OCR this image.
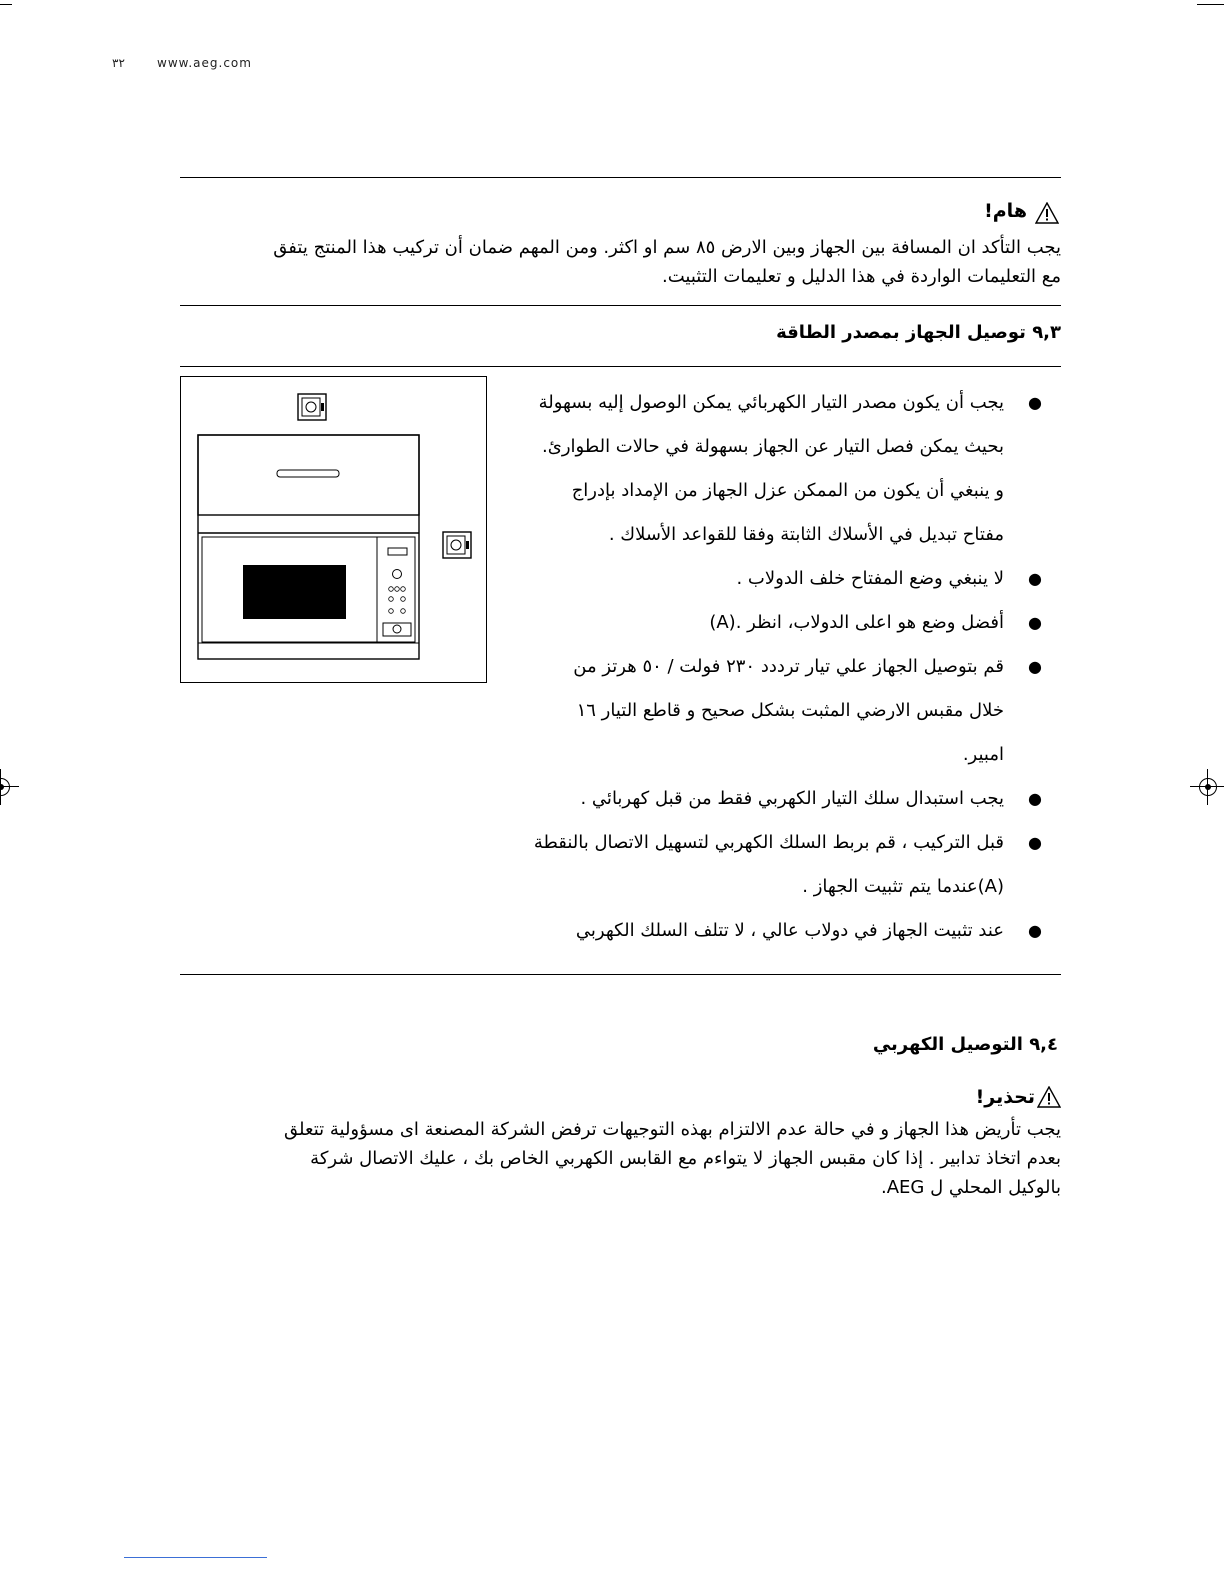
٣٢	www.aeg.com
هام!
يجب التأكد ان المسافة بين الجهاز وبين الارض ٨٥ سم او اكثر. ومن المهم ضمان أن تركيب هذا المنتج يتفق
مع التعليمات الواردة في هذا الدليل و تعليمات التثبيت.
٩,٣ توصيل الجهاز بمصدر الطاقة
●
يجب أن يكون مصدر التيار الكهربائي يمكن الوصول إليه بسهولة
بحيث يمكن فصل التيار عن الجهاز بسهولة في حالات الطوارئ.
و ينبغي أن يكون من الممكن عزل الجهاز من الإمداد بإدراج
مفتاح تبديل في الأسلاك الثابتة وفقا للقواعد الأسلاك .
●
لا ينبغي وضع المفتاح خلف الدولاب .
●
أفضل وضع هو اعلى الدولاب، انظر .(A)
●
قم بتوصيل الجهاز علي تيار ترددد ٢٣٠ فولت / ٥٠ هرتز من
خلال مقبس الارضي المثبت بشكل صحيح و قاطع التيار ١٦
امبير.
●
يجب استبدال سلك التيار الكهربي فقط من قبل كهربائي .
●
قبل التركيب ، قم بربط السلك الكهربي لتسهيل الاتصال بالنقطة
(A)عندما يتم تثبيت الجهاز .
●
عند تثبيت الجهاز في دولاب عالي ، لا تتلف السلك الكهربي
٩,٤ التوصيل الكهربي
تحذير!
يجب تأريض هذا الجهاز و في حالة عدم الالتزام بهذه التوجيهات ترفض الشركة المصنعة اى مسؤولية تتعلق
بعدم اتخاذ تدابير . إذا كان مقبس الجهاز لا يتواءم مع القابس الكهربي الخاص بك ، عليك الاتصال شركة
بالوكيل المحلي ل AEG.
